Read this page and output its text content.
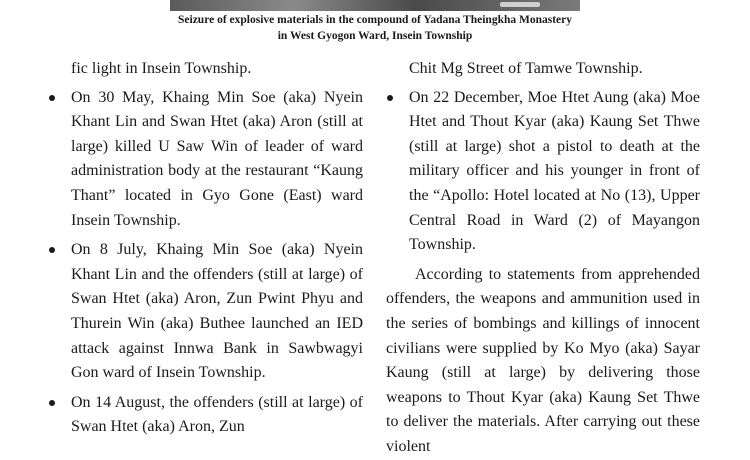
Seizure of explosive materials in the compound of Yadana Theingkha Monastery
in West Gyogon Ward, Insein Township

fic light in Insein Township.

On 30 May, Khaing Min Soe (aka) Nyein Khant Lin and Swan Htet (aka) Aron (still at large) killed U Saw Win of leader of ward administration body at the restaurant “Kaung Thant” located in Gyo Gone (East) ward Insein Township.
On 8 July, Khaing Min Soe (aka) Nyein Khant Lin and the offenders (still at large) of Swan Htet (aka) Aron, Zun Pwint Phyu and Thurein Win (aka) Buthee launched an IED attack against Innwa Bank in Sawbwagyi Gon ward of Insein Township.
On 14 August, the offenders (still at large) of Swan Htet (aka) Aron, Zun

Chit Mg Street of Tamwe Township.

On 22 December, Moe Htet Aung (aka) Moe Htet and Thout Kyar (aka) Kaung Set Thwe (still at large) shot a pistol to death at the military officer and his younger in front of the “Apollo: Hotel located at No (13), Upper Central Road in Ward (2) of Mayangon Township.

According to statements from apprehended offenders, the weapons and ammunition used in the series of bombings and killings of innocent civilians were supplied by Ko Myo (aka) Sayar Kaung (still at large) by delivering those weapons to Thout Kyar (aka) Kaung Set Thwe to deliver the materials. After carrying out these violent
